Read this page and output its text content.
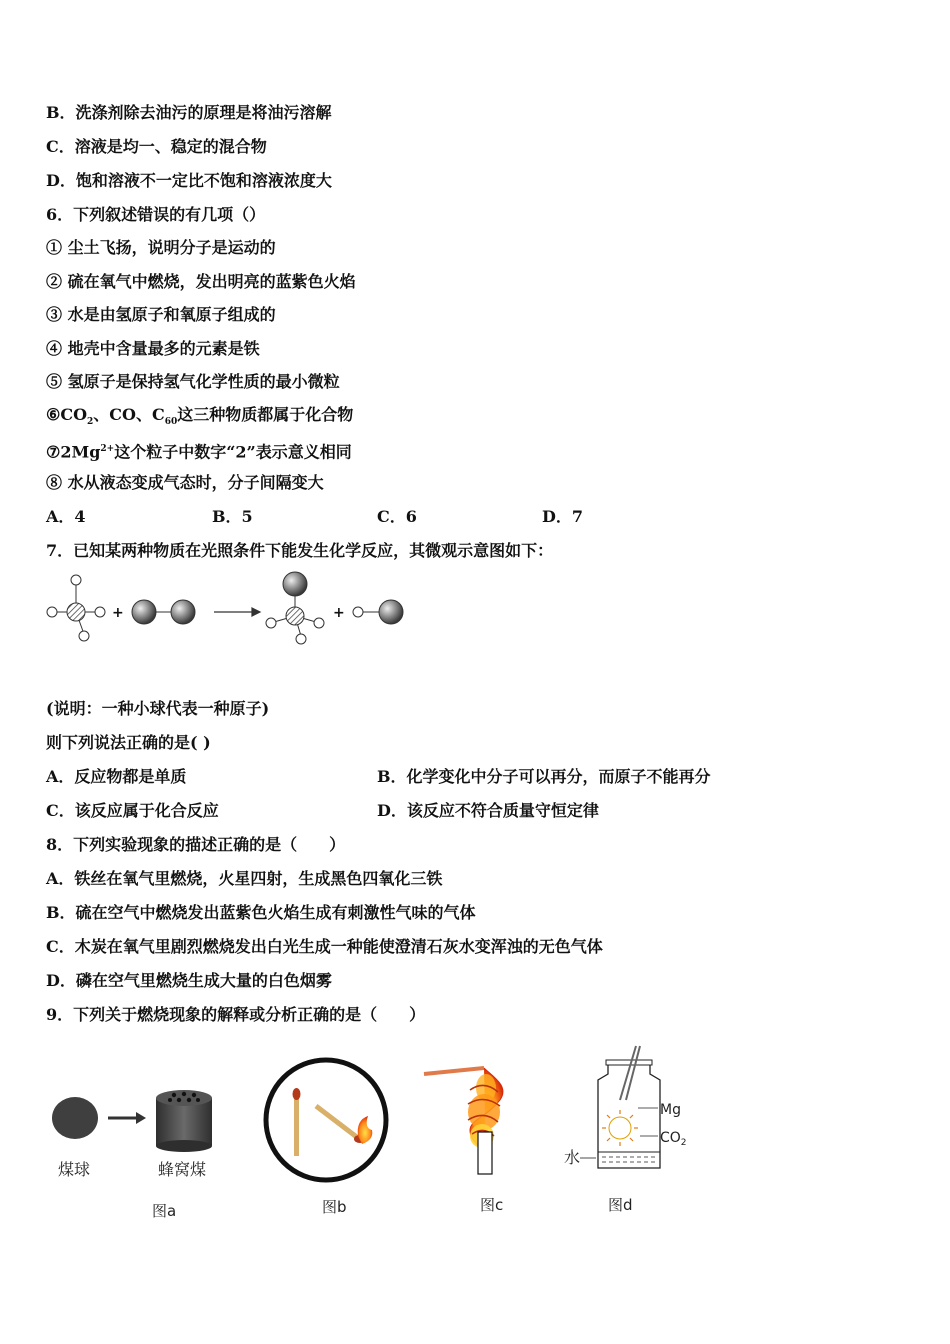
B．洗涤剂除去油污的原理是将油污溶解
C．溶液是均一、稳定的混合物
D．饱和溶液不一定比不饱和溶液浓度大
6．下列叙述错误的有几项（）
① 尘土飞扬，说明分子是运动的
② 硫在氧气中燃烧，发出明亮的蓝紫色火焰
③ 水是由氢原子和氧原子组成的
④ 地壳中含量最多的元素是铁
⑤ 氢原子是保持氢气化学性质的最小微粒
$⑥CO_2$、CO、$C_{60}$这三种物质都属于化合物
$⑦2Mg^{2+}$这个粒子中数字“2”表示意义相同
⑧ 水从液态变成气态时，分子间隔变大
A．4	B．5	C．6	D．7
7．已知某两种物质在光照条件下能发生化学反应，其微观示意图如下：
+	+
(说明：一种小球代表一种原子)
则下列说法正确的是( )
A．反应物都是单质	B．化学变化中分子可以再分，而原子不能再分
C．该反应属于化合反应	D．该反应不符合质量守恒定律
8．下列实验现象的描述正确的是（　　）
A．铁丝在氧气里燃烧，火星四射，生成黑色四氧化三铁
B．硫在空气中燃烧发出蓝紫色火焰生成有刺激性气味的气体
C．木炭在氧气里剧烈燃烧发出白光生成一种能使澄清石灰水变浑浊的无色气体
D．磷在空气里燃烧生成大量的白色烟雾
9．下列关于燃烧现象的解释或分析正确的是（　　）
煤球	蜂窝煤
图a	图b	图c
Mg
$CO_2$
水
图d
